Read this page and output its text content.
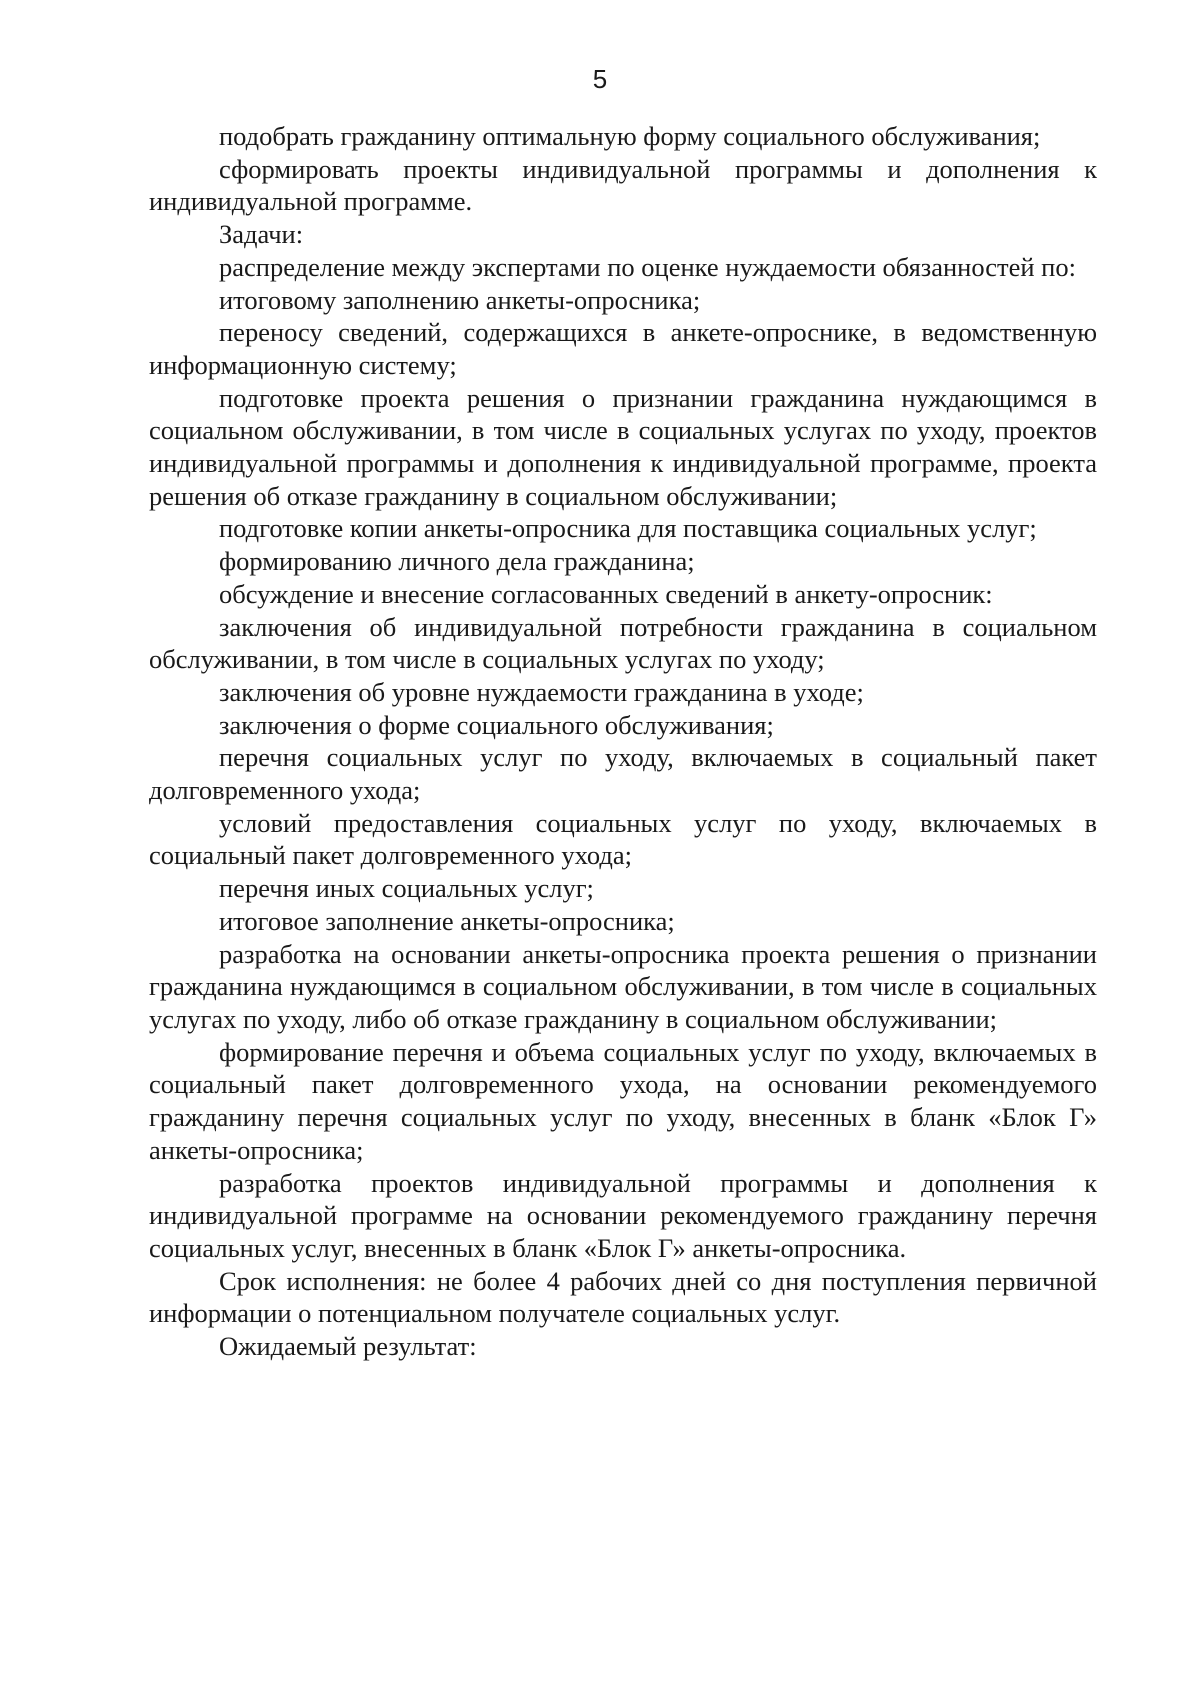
5

подобрать гражданину оптимальную форму социального обслуживания;

сформировать проекты индивидуальной программы и дополнения к индивидуальной программе.

Задачи:

распределение между экспертами по оценке нуждаемости обязанностей по:

итоговому заполнению анкеты-опросника;

переносу сведений, содержащихся в анкете-опроснике, в ведомственную информационную систему;

подготовке проекта решения о признании гражданина нуждающимся в социальном обслуживании, в том числе в социальных услугах по уходу, проектов индивидуальной программы и дополнения к индивидуальной программе, проекта решения об отказе гражданину в социальном обслуживании;

подготовке копии анкеты-опросника для поставщика социальных услуг;

формированию личного дела гражданина;

обсуждение и внесение согласованных сведений в анкету-опросник:

заключения об индивидуальной потребности гражданина в социальном обслуживании, в том числе в социальных услугах по уходу;

заключения об уровне нуждаемости гражданина в уходе;

заключения о форме социального обслуживания;

перечня социальных услуг по уходу, включаемых в социальный пакет долговременного ухода;

условий предоставления социальных услуг по уходу, включаемых в социальный пакет долговременного ухода;

перечня иных социальных услуг;

итоговое заполнение анкеты-опросника;

разработка на основании анкеты-опросника проекта решения о признании гражданина нуждающимся в социальном обслуживании, в том числе в социальных услугах по уходу, либо об отказе гражданину в социальном обслуживании;

формирование перечня и объема социальных услуг по уходу, включаемых в социальный пакет долговременного ухода, на основании рекомендуемого гражданину перечня социальных услуг по уходу, внесенных в бланк «Блок Г» анкеты-опросника;

разработка проектов индивидуальной программы и дополнения к индивидуальной программе на основании рекомендуемого гражданину перечня социальных услуг, внесенных в бланк «Блок Г» анкеты-опросника.

Срок исполнения: не более 4 рабочих дней со дня поступления первичной информации о потенциальном получателе социальных услуг.

Ожидаемый результат:
